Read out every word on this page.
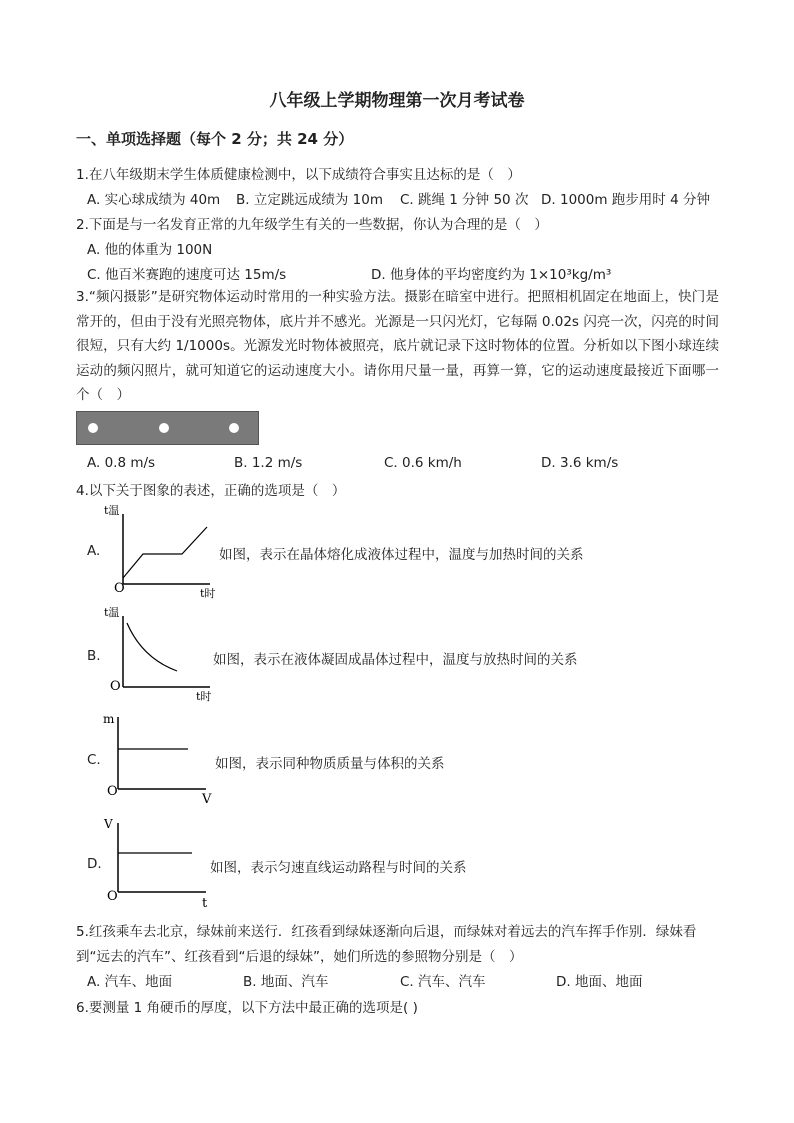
八年级上学期物理第一次月考试卷
一、单项选择题（每个 2 分；共 24 分）
1.在八年级期末学生体质健康检测中，以下成绩符合事实且达标的是（　）
A. 实心球成绩为 40m B. 立定跳远成绩为 10m C. 跳绳 1 分钟 50 次 D. 1000m 跑步用时 4 分钟
2.下面是与一名发育正常的九年级学生有关的一些数据，你认为合理的是（　）
A. 他的体重为 100N
C. 他百米赛跑的速度可达 15m/s	D. 他身体的平均密度约为 1×10³kg/m³
3.“频闪摄影”是研究物体运动时常用的一种实验方法。摄影在暗室中进行。把照相机固定在地面上，快门是常开的，但由于没有光照亮物体，底片并不感光。光源是一只闪光灯，它每隔 0.02s 闪亮一次，闪亮的时间很短，只有大约 1/1000s。光源发光时物体被照亮，底片就记录下这时物体的位置。分析如以下图小球连续运动的频闪照片，就可知道它的运动速度大小。请你用尺量一量，再算一算，它的运动速度最接近下面哪一个（　）
A. 0.8 m/s	B. 1.2 m/s	C. 0.6 km/h	D. 3.6 km/s
4.以下关于图象的表述，正确的选项是（　）
A.
t温
O	t时
如图，表示在晶体熔化成液体过程中，温度与加热时间的关系
B.
t温
O
t时
如图，表示在液体凝固成晶体过程中，温度与放热时间的关系
C.
m
O
V
如图，表示同种物质质量与体积的关系
D.
V
O	t
如图，表示匀速直线运动路程与时间的关系
5.红孩乘车去北京，绿妹前来送行．红孩看到绿妹逐渐向后退，而绿妹对着远去的汽车挥手作别．绿妹看
到“远去的汽车”、红孩看到“后退的绿妹”，她们所选的参照物分别是（　）
A. 汽车、地面	B. 地面、汽车	C. 汽车、汽车	D. 地面、地面
6.要测量 1 角硬币的厚度，以下方法中最正确的选项是( )
